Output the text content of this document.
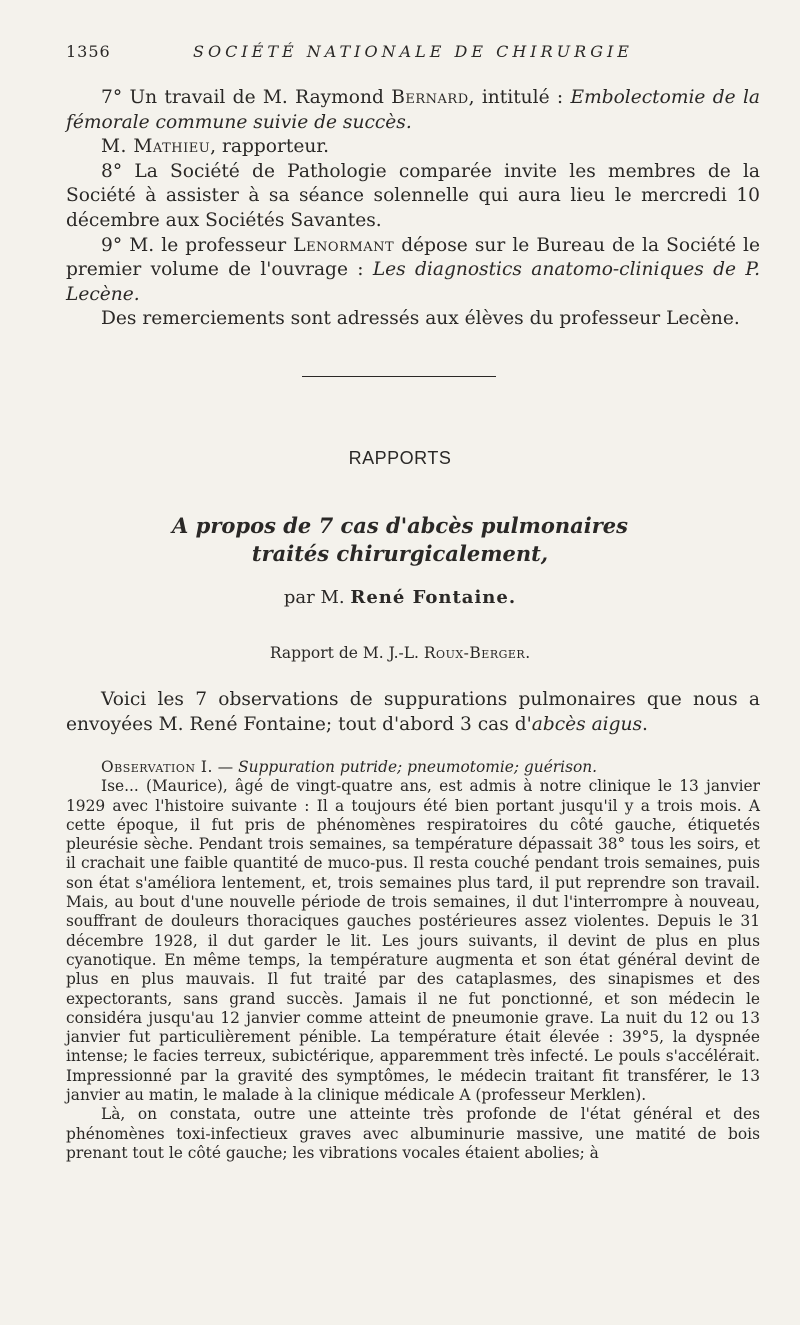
1356	SOCIÉTÉ NATIONALE DE CHIRURGIE

7° Un travail de M. Raymond Bernard, intitulé : Embolectomie de la fémorale commune suivie de succès.

M. Mathieu, rapporteur.

8° La Société de Pathologie comparée invite les membres de la Société à assister à sa séance solennelle qui aura lieu le mercredi 10 décembre aux Sociétés Savantes.

9° M. le professeur Lenormant dépose sur le Bureau de la Société le premier volume de l'ouvrage : Les diagnostics anatomo-cliniques de P. Lecène.

Des remerciements sont adressés aux élèves du professeur Lecène.

RAPPORTS
A propos de 7 cas d'abcès pulmonaires
traités chirurgicalement,
par M. René Fontaine.
Rapport de M. J.-L. Roux-Berger.

Voici les 7 observations de suppurations pulmonaires que nous a envoyées M. René Fontaine; tout d'abord 3 cas d'abcès aigus.

Observation I. — Suppuration putride; pneumotomie; guérison.

Ise... (Maurice), âgé de vingt-quatre ans, est admis à notre clinique le 13 janvier 1929 avec l'histoire suivante : Il a toujours été bien portant jusqu'il y a trois mois. A cette époque, il fut pris de phénomènes respiratoires du côté gauche, étiquetés pleurésie sèche. Pendant trois semaines, sa température dépassait 38° tous les soirs, et il crachait une faible quantité de muco-pus. Il resta couché pendant trois semaines, puis son état s'améliora lentement, et, trois semaines plus tard, il put reprendre son travail. Mais, au bout d'une nouvelle période de trois semaines, il dut l'interrompre à nouveau, souffrant de douleurs thoraciques gauches postérieures assez violentes. Depuis le 31 décembre 1928, il dut garder le lit. Les jours suivants, il devint de plus en plus cyanotique. En même temps, la température augmenta et son état général devint de plus en plus mauvais. Il fut traité par des cataplasmes, des sinapismes et des expectorants, sans grand succès. Jamais il ne fut ponctionné, et son médecin le considéra jusqu'au 12 janvier comme atteint de pneumonie grave. La nuit du 12 ou 13 janvier fut particulièrement pénible. La température était élevée : 39°5, la dyspnée intense; le facies terreux, subictérique, apparemment très infecté. Le pouls s'accélérait. Impressionné par la gravité des symptômes, le médecin traitant fit transférer, le 13 janvier au matin, le malade à la clinique médicale A (professeur Merklen).

Là, on constata, outre une atteinte très profonde de l'état général et des phénomènes toxi-infectieux graves avec albuminurie massive, une matité de bois prenant tout le côté gauche; les vibrations vocales étaient abolies; à
